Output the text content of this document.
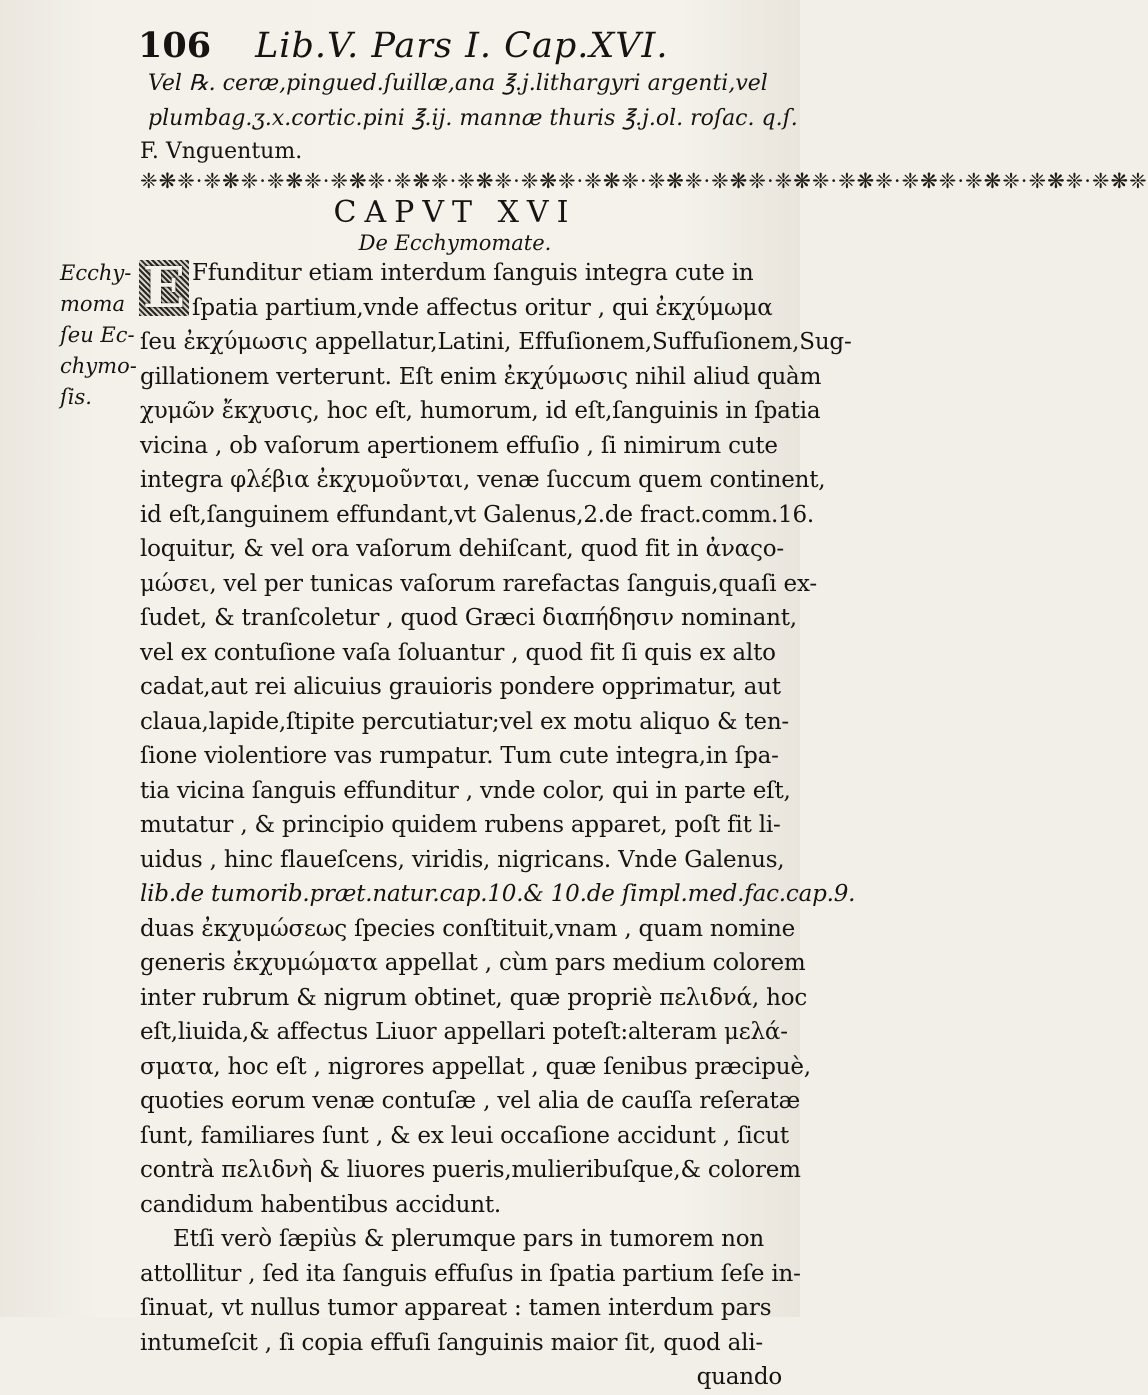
106 Lib.V. Pars I. Cap.XVI.
Vel ℞. ceræ,pingued.ſuillæ,ana ℥.j.lithargyri argenti,vel
plumbag.ʒ.x.cortic.pini ℥.ij. mannæ thuris ℥.j.ol. roſac. q.ſ.
F. Vnguentum.
❈❋❈·❈❋❈·❈❋❈·❈❋❈·❈❋❈·❈❋❈·❈❋❈·❈❋❈·❈❋❈·❈❋❈·❈❋❈·❈❋❈·❈❋❈·❈❋❈·❈❋❈·❈❋❈
CAPVT XVI
De Ecchymomate.
Ecchy-
moma
ſeu Ec-
chymo-
ſis.
E Ffunditur etiam interdum ſanguis integra cute in
ſpatia partium,vnde affectus oritur , qui ἐκχύμωμα
ſeu ἐκχύμωσις appellatur,Latini, Effuſionem,Suffuſionem,Sug-
gillationem verterunt. Eſt enim ἐκχύμωσις nihil aliud quàm
χυμῶν ἔκχυσις, hoc eſt, humorum, id eſt,ſanguinis in ſpatia
vicina , ob vaſorum apertionem effuſio , ſi nimirum cute
integra φλέβια ἐκχυμοῦνται, venæ ſuccum quem continent,
id eſt,ſanguinem effundant,vt Galenus,2.de fract.comm.16.
loquitur, & vel ora vaſorum dehiſcant, quod fit in ἀναςο-
μώσει, vel per tunicas vaſorum rarefactas ſanguis,quaſi ex-
ſudet, & tranſcoletur , quod Græci διαπήδησιν nominant,
vel ex contuſione vaſa ſoluantur , quod fit ſi quis ex alto
cadat,aut rei alicuius grauioris pondere opprimatur, aut
claua,lapide,ſtipite percutiatur;vel ex motu aliquo & ten-
ſione violentiore vas rumpatur. Tum cute integra,in ſpa-
tia vicina ſanguis effunditur , vnde color, qui in parte eſt,
mutatur , & principio quidem rubens apparet, poſt fit li-
uidus , hinc flaueſcens, viridis, nigricans. Vnde Galenus,
lib.de tumorib.præt.natur.cap.10.& 10.de ſimpl.med.fac.cap.9.
duas ἐκχυμώσεως ſpecies conſtituit,vnam , quam nomine
generis ἐκχυμώματα appellat , cùm pars medium colorem
inter rubrum & nigrum obtinet, quæ propriè πελιδνά, hoc
eſt,liuida,& affectus Liuor appellari poteſt:alteram μελά-
σματα, hoc eſt , nigrores appellat , quæ ſenibus præcipuè,
quoties eorum venæ contuſæ , vel alia de cauſſa reſeratæ
ſunt, familiares ſunt , & ex leui occaſione accidunt , ſicut
contrà πελιδνὴ & liuores pueris,mulieribuſque,& colorem
candidum habentibus accidunt.
Etſi verò ſæpiùs & plerumque pars in tumorem non
attollitur , ſed ita ſanguis effuſus in ſpatia partium ſeſe in-
ſinuat, vt nullus tumor appareat : tamen interdum pars
intumeſcit , ſi copia effuſi ſanguinis maior ſit, quod ali-
quando
